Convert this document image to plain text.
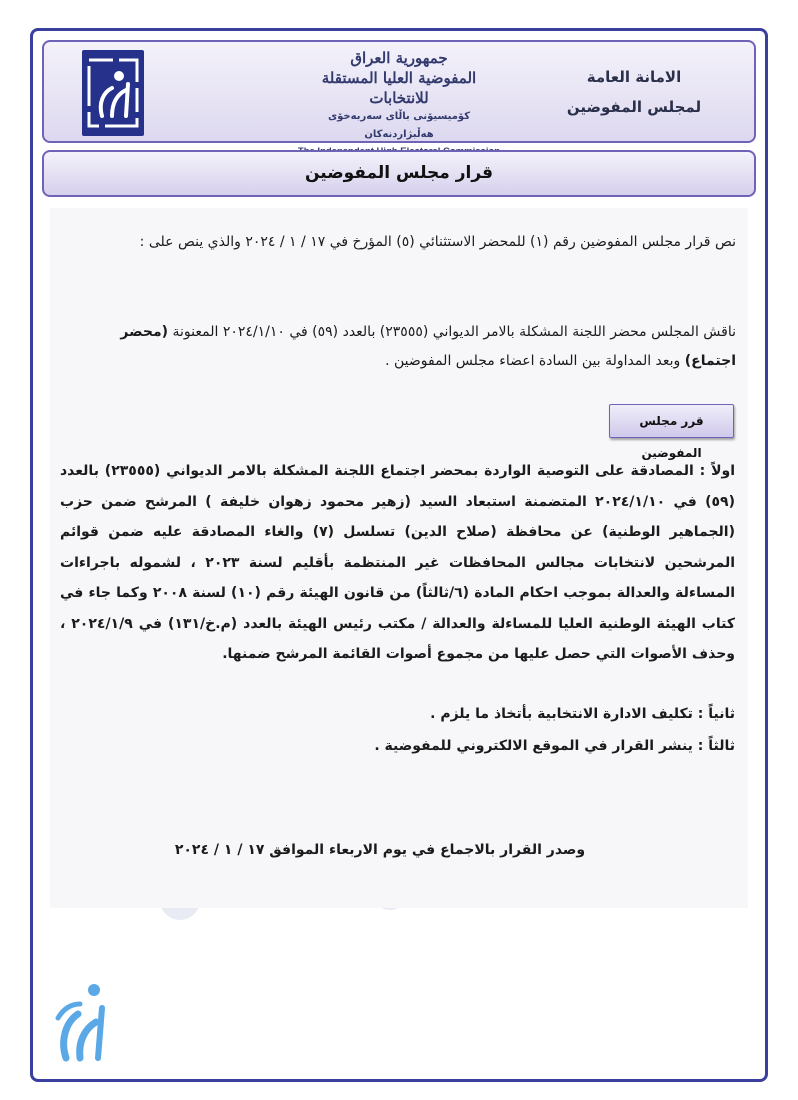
الامانة العامة
لمجلس المفوضين
جمهورية العراق
المفوضية العليا المستقلة للانتخابات
كۆمیسیۆنی باڵای سەربەخۆی هەڵبژاردنەكان
قرار مجلس المفوضين
نص قرار مجلس المفوضين رقم (١) للمحضر الاستثنائي (٥) المؤرخ في ١٧ / ١ / ٢٠٢٤ والذي ينص على :
ناقش المجلس محضر اللجنة المشكلة بالامر الديواني (٢٣٥٥٥) بالعدد (٥٩) في ٢٠٢٤/١/١٠ المعنونة (محضر اجتماع) وبعد المداولة بين السادة اعضاء مجلس المفوضين .
قرر مجلس المفوضين
اولاً : المصادقة على التوصية الواردة بمحضر اجتماع اللجنة المشكلة بالامر الديواني (٢٣٥٥٥) بالعدد (٥٩) في ٢٠٢٤/١/١٠ المتضمنة استبعاد السيد (زهير محمود زهوان خليفة ) المرشح ضمن حزب (الجماهير الوطنية) عن محافظة (صلاح الدين) تسلسل (٧) والغاء المصادقة عليه ضمن قوائم المرشحين لانتخابات مجالس المحافظات غير المنتظمة بأقليم لسنة ٢٠٢٣ ، لشموله باجراءات المساءلة والعدالة بموجب احكام المادة (٦/ثالثاً) من قانون الهيئة رقم (١٠) لسنة ٢٠٠٨ وكما جاء في كتاب الهيئة الوطنية العليا للمساءلة والعدالة / مكتب رئيس الهيئة بالعدد (م.خ/١٣١) في ٢٠٢٤/١/٩ ، وحذف الأصوات التي حصل عليها من مجموع أصوات القائمة المرشح ضمنها.
ثانياً : تكليف الادارة الانتخابية بأتخاذ ما يلزم .
ثالثاً : ينشر القرار في الموقع الالكتروني للمفوضية .
وصدر القرار بالاجماع في يوم الاربعاء الموافق ١٧ / ١ / ٢٠٢٤
